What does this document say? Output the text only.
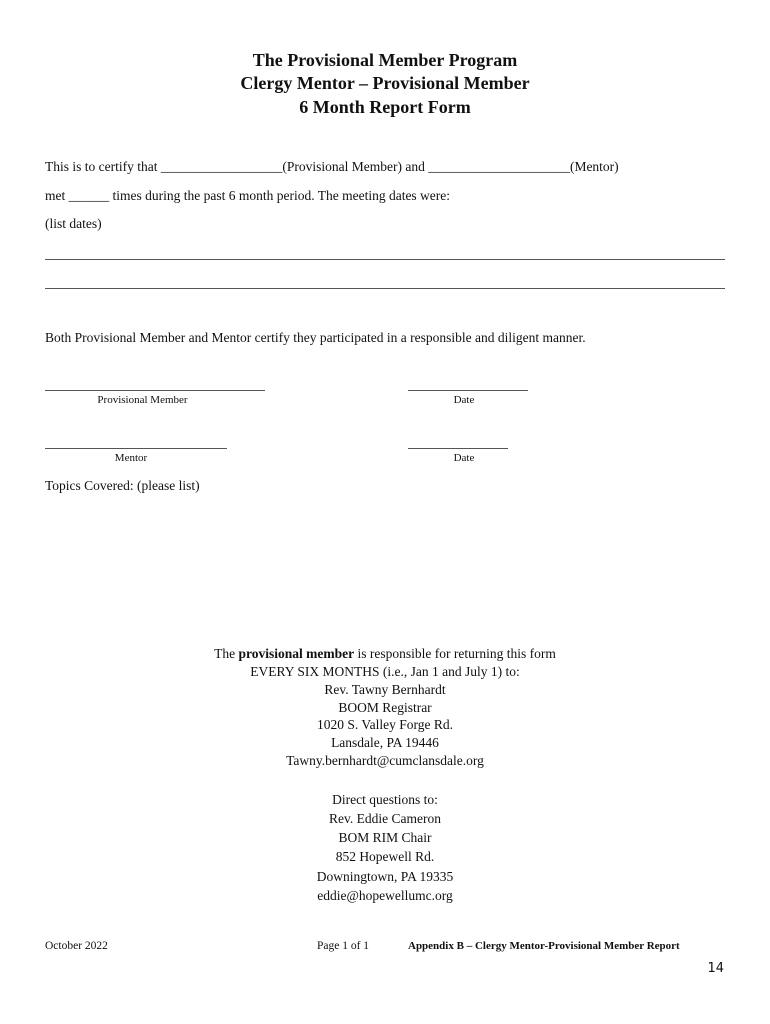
The Provisional Member Program
Clergy Mentor – Provisional Member
6 Month Report Form
This is to certify that __________________(Provisional Member) and _____________________(Mentor)
met ______ times during the past 6 month period. The meeting dates were:
(list dates)
Both Provisional Member and Mentor certify they participated in a responsible and diligent manner.
Provisional Member	Date
Mentor	Date
Topics Covered: (please list)
The provisional member is responsible for returning this form
EVERY SIX MONTHS (i.e., Jan 1 and July 1) to:
Rev. Tawny Bernhardt
BOOM Registrar
1020 S. Valley Forge Rd.
Lansdale, PA 19446
Tawny.bernhardt@cumclansdale.org
Direct questions to:
Rev. Eddie Cameron
BOM RIM Chair
852 Hopewell Rd.
Downingtown, PA 19335
eddie@hopewellumc.org
October 2022	Page 1 of 1	Appendix B – Clergy Mentor-Provisional Member Report
14
